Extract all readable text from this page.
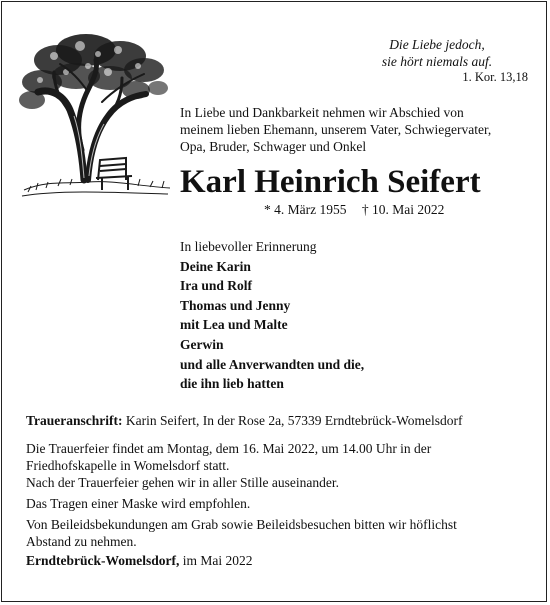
Die Liebe jedoch,
sie hört niemals auf.
1. Kor. 13,18
In Liebe und Dankbarkeit nehmen wir Abschied von
meinem lieben Ehemann, unserem Vater, Schwiegervater,
Opa, Bruder, Schwager und Onkel
Karl Heinrich Seifert
* 4. März 1955 † 10. Mai 2022
In liebevoller Erinnerung
Deine Karin
Ira und Rolf
Thomas und Jenny
mit Lea und Malte
Gerwin
und alle Anverwandten und die,
die ihn lieb hatten
Traueranschrift: Karin Seifert, In der Rose 2a, 57339 Erndtebrück-Womelsdorf

Die Trauerfeier findet am Montag, dem 16. Mai 2022, um 14.00 Uhr in der
Friedhofskapelle in Womelsdorf statt.
Nach der Trauerfeier gehen wir in aller Stille auseinander.

Das Tragen einer Maske wird empfohlen.

Von Beileidsbekundungen am Grab sowie Beileidsbesuchen bitten wir höflichst
Abstand zu nehmen.

Erndtebrück-Womelsdorf, im Mai 2022
